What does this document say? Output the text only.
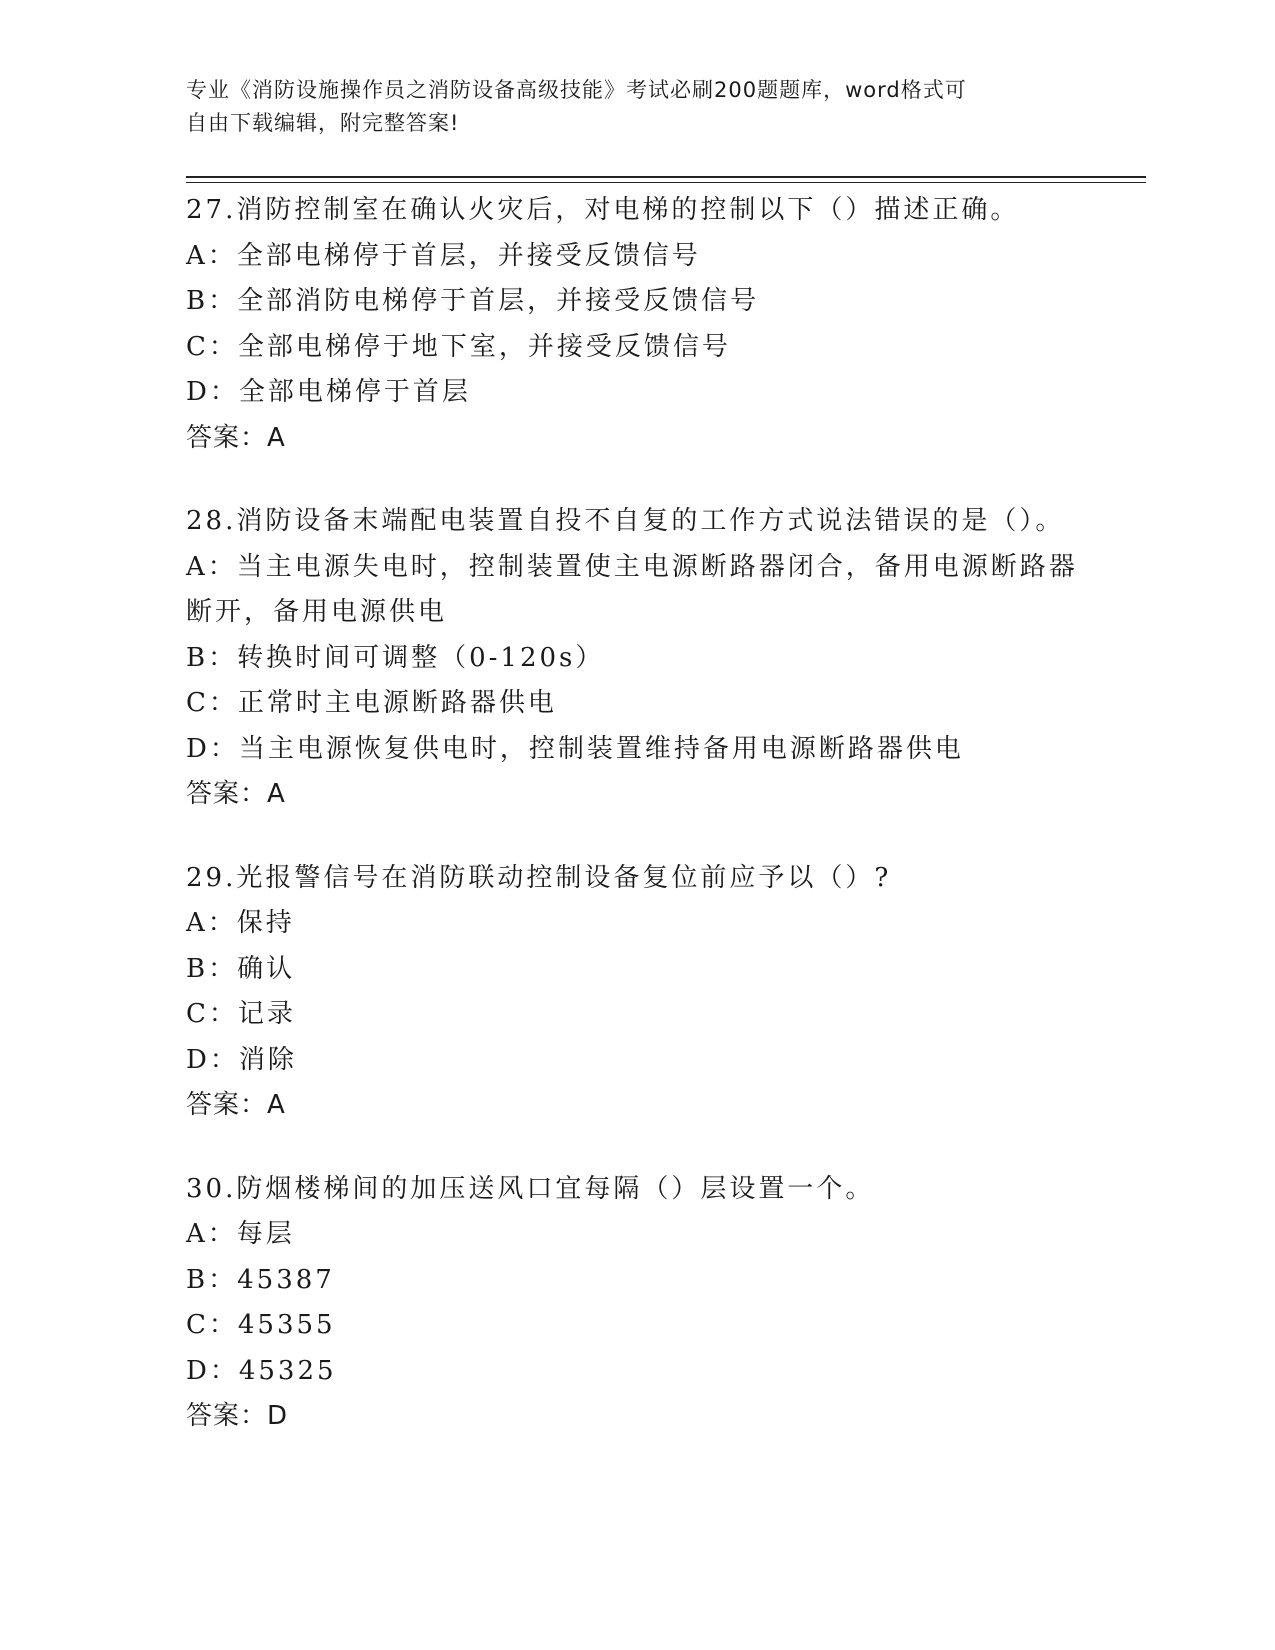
专业《消防设施操作员之消防设备高级技能》考试必刷200题题库，word格式可
自由下载编辑，附完整答案!
27.消防控制室在确认火灾后，对电梯的控制以下（）描述正确。
A：全部电梯停于首层，并接受反馈信号
B：全部消防电梯停于首层，并接受反馈信号
C：全部电梯停于地下室，并接受反馈信号
D：全部电梯停于首层
答案：A
28.消防设备末端配电装置自投不自复的工作方式说法错误的是（）。
A：当主电源失电时，控制装置使主电源断路器闭合，备用电源断路器断开，备用电源供电
B：转换时间可调整（0-120s）
C：正常时主电源断路器供电
D：当主电源恢复供电时，控制装置维持备用电源断路器供电
答案：A
29.光报警信号在消防联动控制设备复位前应予以（）?
A：保持
B：确认
C：记录
D：消除
答案：A
30.防烟楼梯间的加压送风口宜每隔（）层设置一个。
A：每层
B：45387
C：45355
D：45325
答案：D
